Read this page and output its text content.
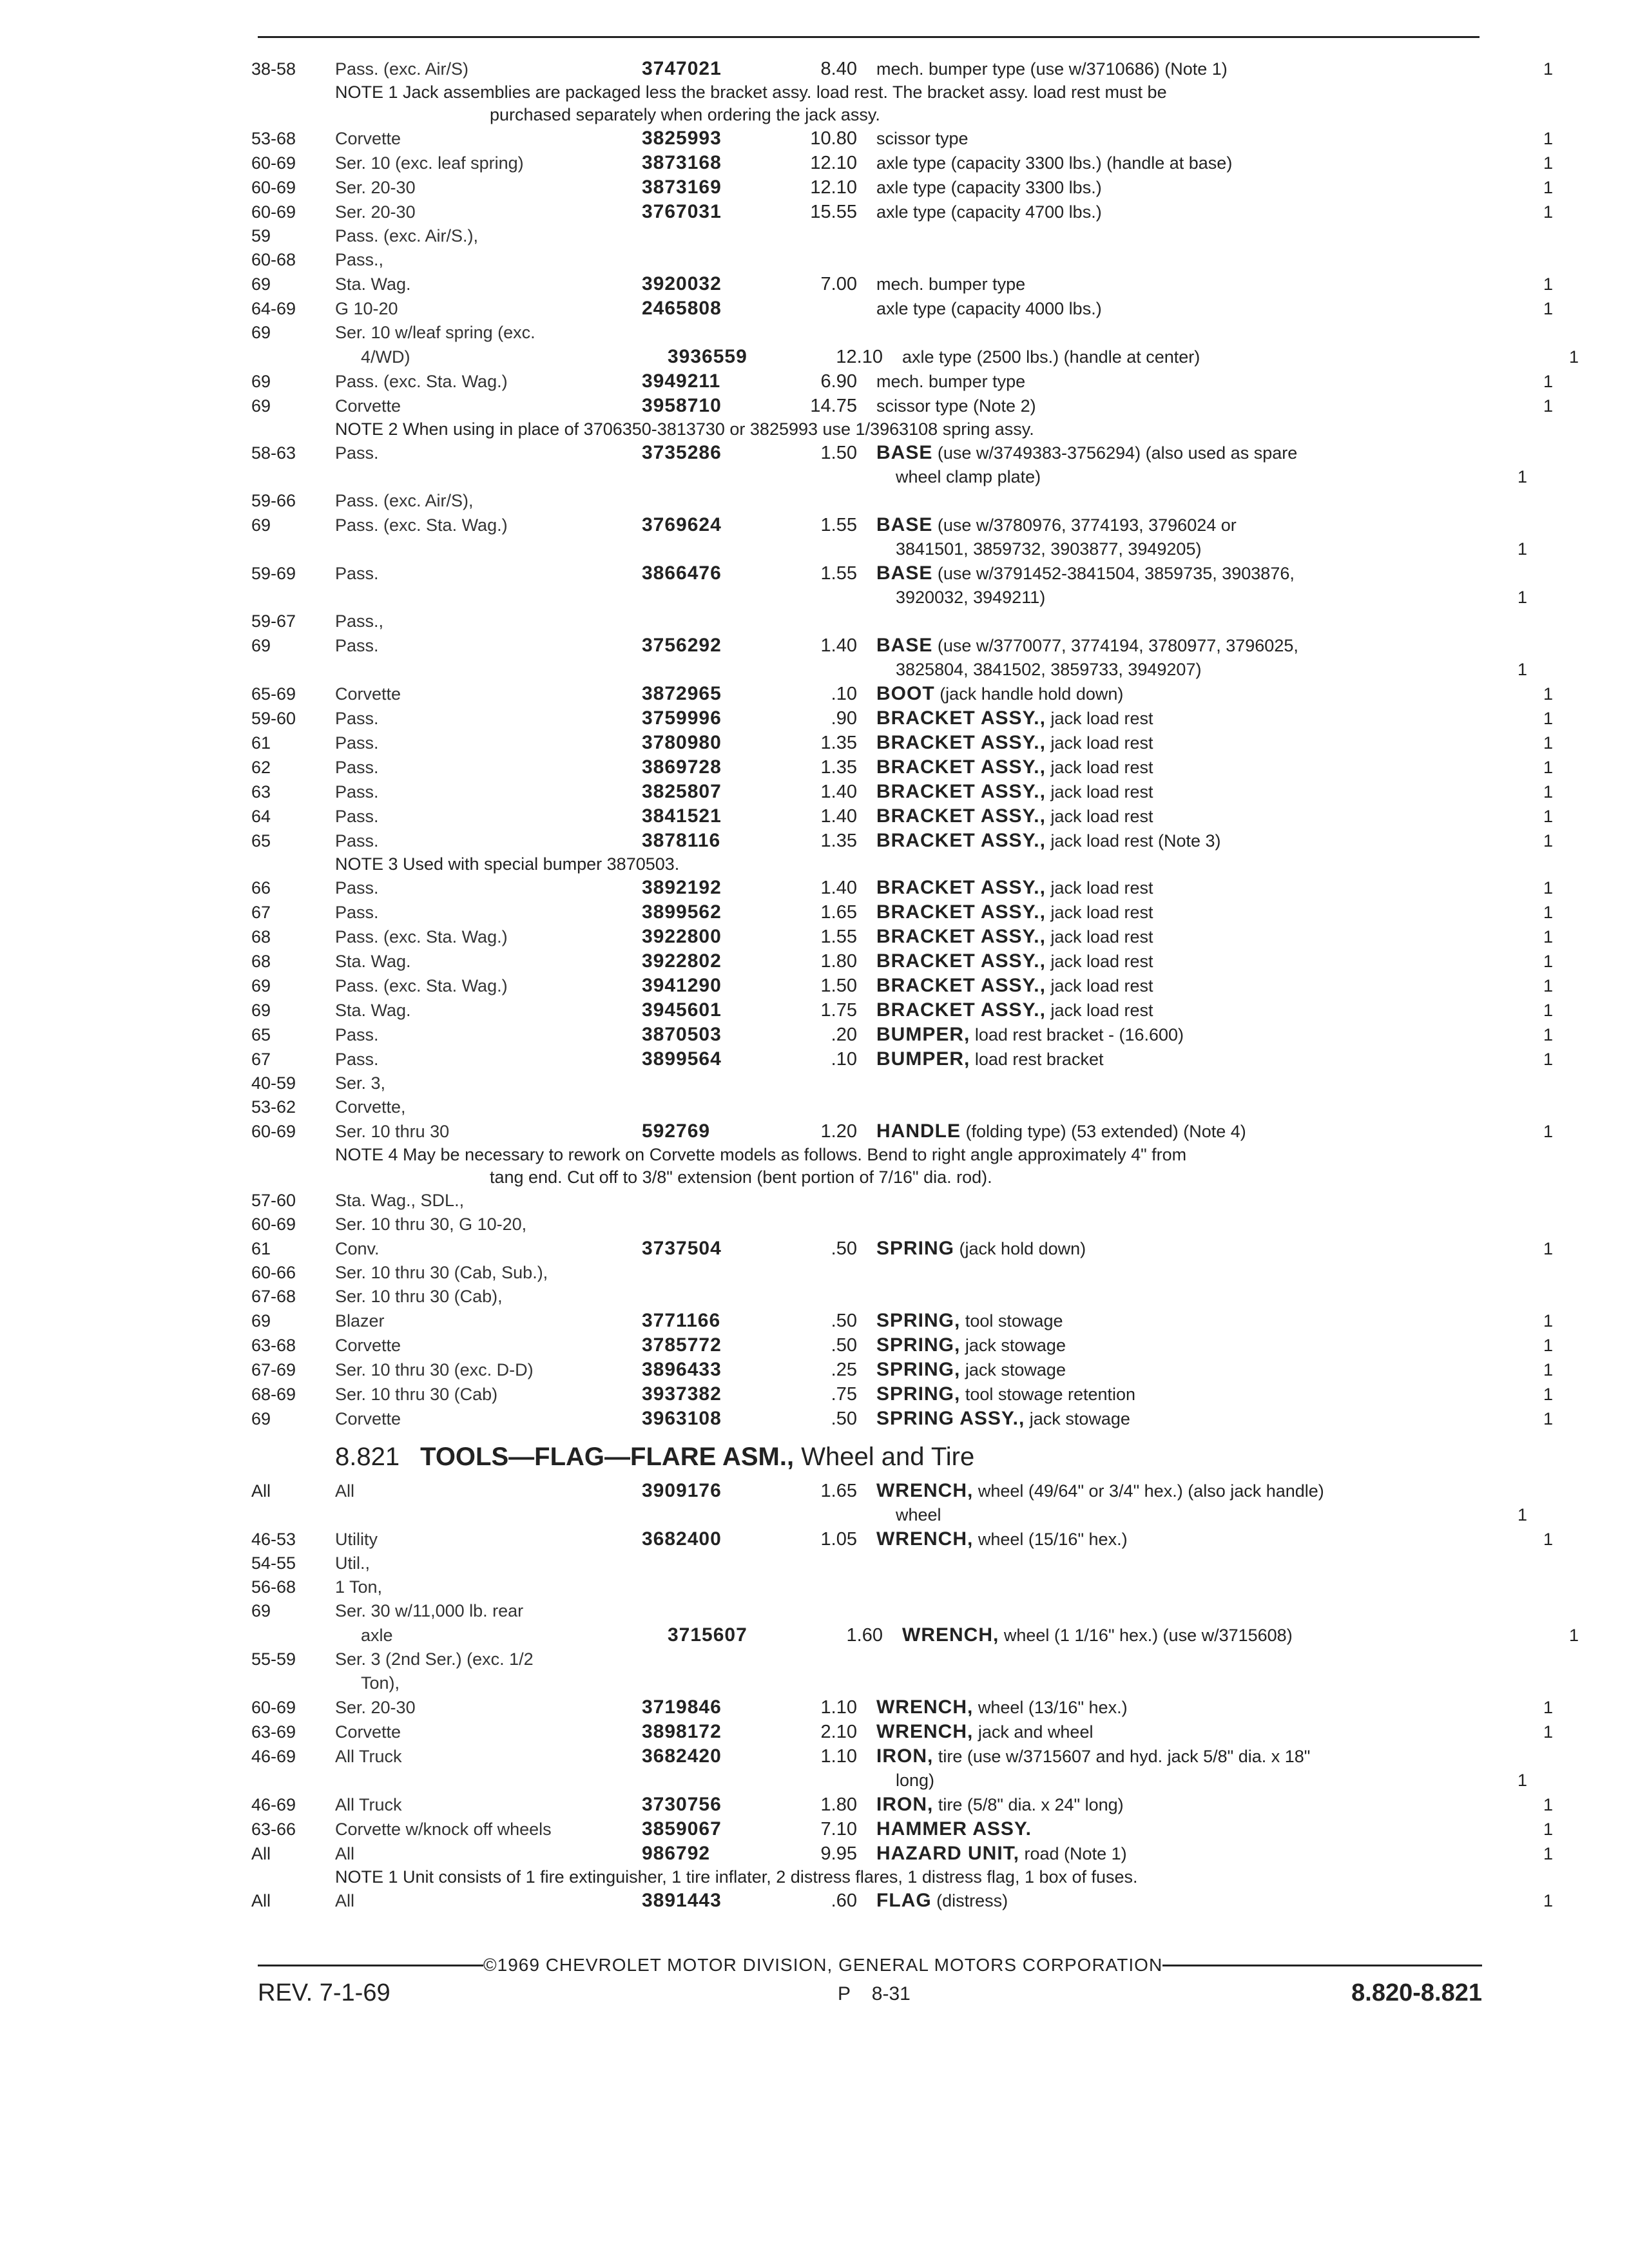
38-58	Pass. (exc. Air/S)	3747021	8.40	mech. bumper type (use w/3710686) (Note 1)	1
NOTE 1 Jack assemblies are packaged less the bracket assy. load rest. The bracket assy. load rest must be
purchased separately when ordering the jack assy.
53-68	Corvette	3825993	10.80	scissor type	1
60-69	Ser. 10 (exc. leaf spring)	3873168	12.10	axle type (capacity 3300 lbs.) (handle at base)	1
60-69	Ser. 20-30	3873169	12.10	axle type (capacity 3300 lbs.)	1
60-69	Ser. 20-30	3767031	15.55	axle type (capacity 4700 lbs.)	1
59	Pass. (exc. Air/S.),
60-68	Pass.,
69	Sta. Wag.	3920032	7.00	mech. bumper type	1
64-69	G 10-20	2465808	axle type (capacity 4000 lbs.)	1
69	Ser. 10 w/leaf spring (exc.
4/WD)	3936559	12.10	axle type (2500 lbs.) (handle at center)	1
69	Pass. (exc. Sta. Wag.)	3949211	6.90	mech. bumper type	1
69	Corvette	3958710	14.75	scissor type (Note 2)	1
NOTE 2 When using in place of 3706350-3813730 or 3825993 use 1/3963108 spring assy.
58-63	Pass.	3735286	1.50	BASE (use w/3749383-3756294) (also used as spare
wheel clamp plate)	1
59-66	Pass. (exc. Air/S),
69	Pass. (exc. Sta. Wag.)	3769624	1.55	BASE (use w/3780976, 3774193, 3796024 or
3841501, 3859732, 3903877, 3949205)	1
59-69	Pass.	3866476	1.55	BASE (use w/3791452-3841504, 3859735, 3903876,
3920032, 3949211)	1
59-67	Pass.,
69	Pass.	3756292	1.40	BASE (use w/3770077, 3774194, 3780977, 3796025,
3825804, 3841502, 3859733, 3949207)	1
65-69	Corvette	3872965	.10	BOOT (jack handle hold down)	1
59-60	Pass.	3759996	.90	BRACKET ASSY., jack load rest	1
61	Pass.	3780980	1.35	BRACKET ASSY., jack load rest	1
62	Pass.	3869728	1.35	BRACKET ASSY., jack load rest	1
63	Pass.	3825807	1.40	BRACKET ASSY., jack load rest	1
64	Pass.	3841521	1.40	BRACKET ASSY., jack load rest	1
65	Pass.	3878116	1.35	BRACKET ASSY., jack load rest (Note 3)	1
NOTE 3 Used with special bumper 3870503.
66	Pass.	3892192	1.40	BRACKET ASSY., jack load rest	1
67	Pass.	3899562	1.65	BRACKET ASSY., jack load rest	1
68	Pass. (exc. Sta. Wag.)	3922800	1.55	BRACKET ASSY., jack load rest	1
68	Sta. Wag.	3922802	1.80	BRACKET ASSY., jack load rest	1
69	Pass. (exc. Sta. Wag.)	3941290	1.50	BRACKET ASSY., jack load rest	1
69	Sta. Wag.	3945601	1.75	BRACKET ASSY., jack load rest	1
65	Pass.	3870503	.20	BUMPER, load rest bracket - (16.600)	1
67	Pass.	3899564	.10	BUMPER, load rest bracket	1
40-59	Ser. 3,
53-62	Corvette,
60-69	Ser. 10 thru 30	592769	1.20	HANDLE (folding type) (53 extended) (Note 4)	1
NOTE 4 May be necessary to rework on Corvette models as follows. Bend to right angle approximately 4" from
tang end. Cut off to 3/8" extension (bent portion of 7/16" dia. rod).
57-60	Sta. Wag., SDL.,
60-69	Ser. 10 thru 30, G 10-20,
61	Conv.	3737504	.50	SPRING (jack hold down)	1
60-66	Ser. 10 thru 30 (Cab, Sub.),
67-68	Ser. 10 thru 30 (Cab),
69	Blazer	3771166	.50	SPRING, tool stowage	1
63-68	Corvette	3785772	.50	SPRING, jack stowage	1
67-69	Ser. 10 thru 30 (exc. D-D)	3896433	.25	SPRING, jack stowage	1
68-69	Ser. 10 thru 30 (Cab)	3937382	.75	SPRING, tool stowage retention	1
69	Corvette	3963108	.50	SPRING ASSY., jack stowage	1
8.821 TOOLS—FLAG—FLARE ASM., Wheel and Tire
All	All	3909176	1.65	WRENCH, wheel (49/64" or 3/4" hex.) (also jack handle)
wheel	1
46-53	Utility	3682400	1.05	WRENCH, wheel (15/16" hex.)	1
54-55	Util.,
56-68	1 Ton,
69	Ser. 30 w/11,000 lb. rear
axle	3715607	1.60	WRENCH, wheel (1 1/16" hex.) (use w/3715608)	1
55-59	Ser. 3 (2nd Ser.) (exc. 1/2
Ton),
60-69	Ser. 20-30	3719846	1.10	WRENCH, wheel (13/16" hex.)	1
63-69	Corvette	3898172	2.10	WRENCH, jack and wheel	1
46-69	All Truck	3682420	1.10	IRON, tire (use w/3715607 and hyd. jack 5/8" dia. x 18"
long)	1
46-69	All Truck	3730756	1.80	IRON, tire (5/8" dia. x 24" long)	1
63-66	Corvette w/knock off wheels	3859067	7.10	HAMMER ASSY.	1
All	All	986792	9.95	HAZARD UNIT, road (Note 1)	1
NOTE 1 Unit consists of 1 fire extinguisher, 1 tire inflater, 2 distress flares, 1 distress flag, 1 box of fuses.
All	All	3891443	.60	FLAG (distress)	1
©1969 CHEVROLET MOTOR DIVISION, GENERAL MOTORS CORPORATION
REV. 7-1-69	P    8-31	8.820-8.821
